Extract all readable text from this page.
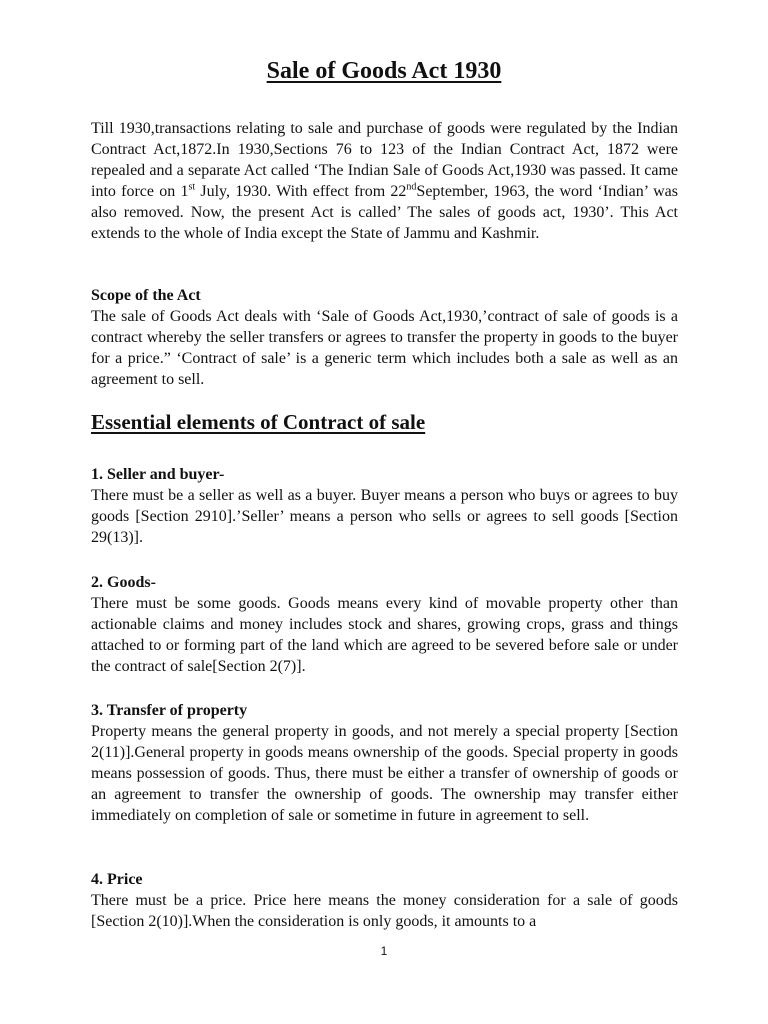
Sale of Goods Act 1930

Till 1930,transactions relating to sale and purchase of goods were regulated by the Indian Contract Act,1872.In 1930,Sections 76 to 123 of the Indian Contract Act, 1872 were repealed and a separate Act called ‘The Indian Sale of Goods Act,1930 was passed. It came into force on 1st July, 1930. With effect from 22ndSeptember, 1963, the word ‘Indian’ was also removed. Now, the present Act is called’ The sales of goods act, 1930’. This Act extends to the whole of India except the State of Jammu and Kashmir.

Scope of the Act

The sale of Goods Act deals with ‘Sale of Goods Act,1930,’contract of sale of goods is a contract whereby the seller transfers or agrees to transfer the property in goods to the buyer for a price.” ‘Contract of sale’ is a generic term which includes both a sale as well as an agreement to sell.

Essential elements of Contract of sale

1. Seller and buyer-

There must be a seller as well as a buyer. Buyer means a person who buys or agrees to buy goods [Section 2910].’Seller’ means a person who sells or agrees to sell goods [Section 29(13)].

2. Goods-

There must be some goods. Goods means every kind of movable property other than actionable claims and money includes stock and shares, growing crops, grass and things attached to or forming part of the land which are agreed to be severed before sale or under the contract of sale[Section 2(7)].

3. Transfer of property

Property means the general property in goods, and not merely a special property [Section 2(11)].General property in goods means ownership of the goods. Special property in goods means possession of goods. Thus, there must be either a transfer of ownership of goods or an agreement to transfer the ownership of goods. The ownership may transfer either immediately on completion of sale or sometime in future in agreement to sell.

4. Price

There must be a price. Price here means the money consideration for a sale of goods [Section 2(10)].When the consideration is only goods, it amounts to a

1
